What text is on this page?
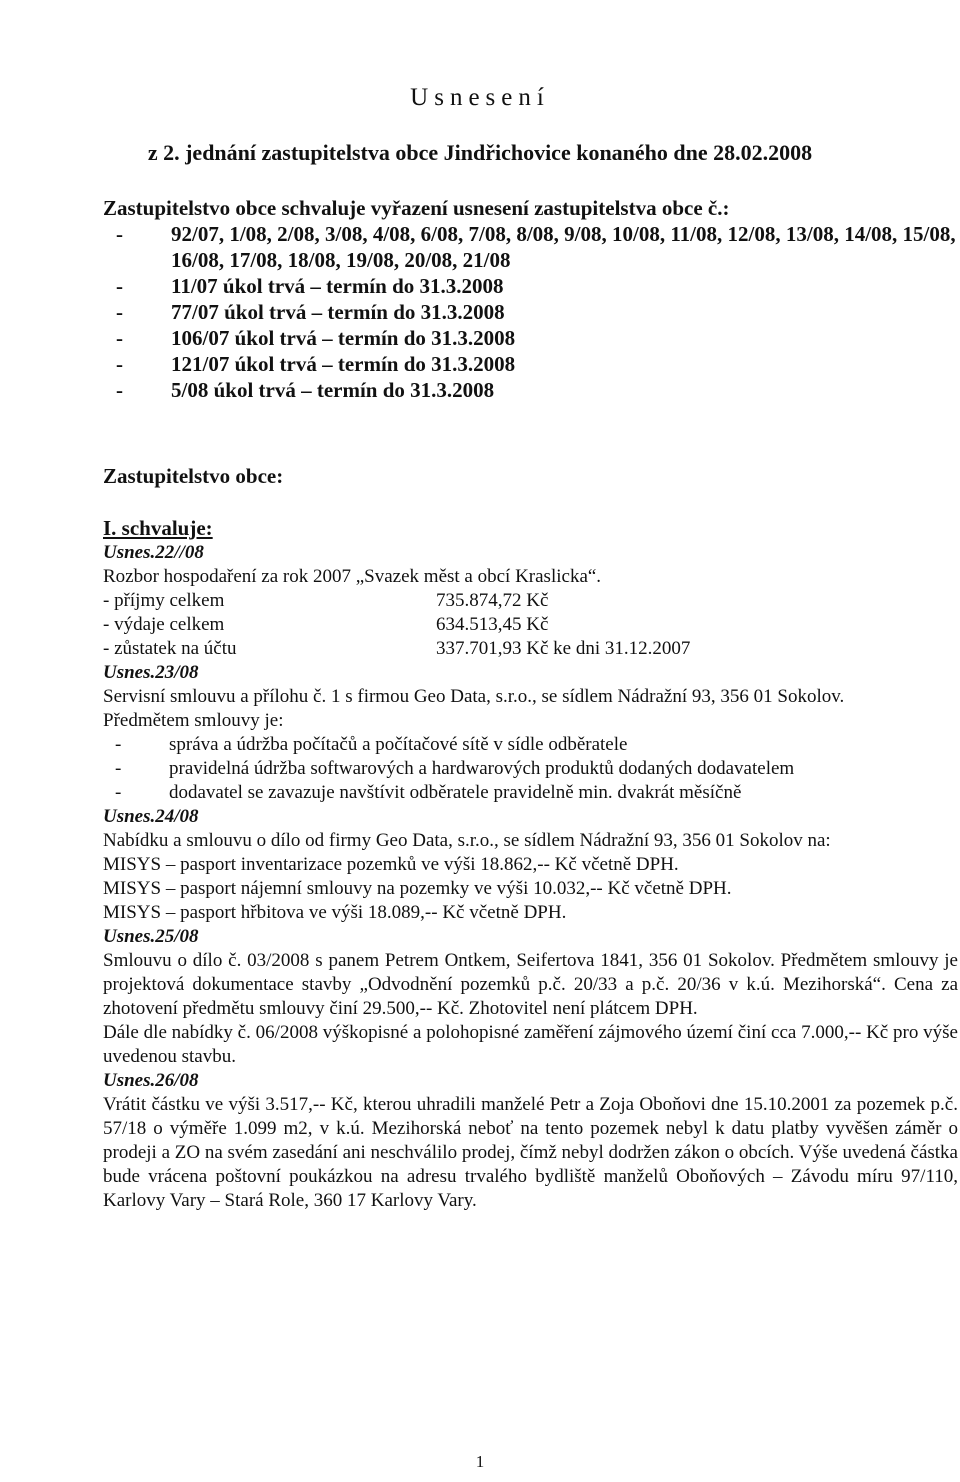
Usnesení
z 2. jednání zastupitelstva obce Jindřichovice konaného dne 28.02.2008
Zastupitelstvo obce schvaluje vyřazení usnesení zastupitelstva obce č.:
- 92/07, 1/08, 2/08, 3/08, 4/08, 6/08, 7/08, 8/08, 9/08, 10/08, 11/08, 12/08, 13/08, 14/08, 15/08, 16/08, 17/08, 18/08, 19/08, 20/08, 21/08
- 11/07 úkol trvá – termín do 31.3.2008
- 77/07 úkol trvá – termín do 31.3.2008
- 106/07 úkol trvá – termín do 31.3.2008
- 121/07 úkol trvá – termín do 31.3.2008
- 5/08 úkol trvá – termín do 31.3.2008
Zastupitelstvo obce:
I. schvaluje:
Usnes.22//08
Rozbor hospodaření za rok 2007 „Svazek měst a obcí Kraslicka“.
- příjmy celkem	735.874,72 Kč
- výdaje celkem	634.513,45 Kč
- zůstatek na účtu	337.701,93 Kč ke dni 31.12.2007
Usnes.23/08
Servisní smlouvu a přílohu č. 1 s firmou Geo Data, s.r.o., se sídlem Nádražní 93, 356 01 Sokolov.
Předmětem smlouvy je:
- správa a údržba počítačů a počítačové sítě v sídle odběratele
- pravidelná údržba softwarových a hardwarových produktů dodaných dodavatelem
- dodavatel se zavazuje navštívit odběratele pravidelně min. dvakrát měsíčně
Usnes.24/08
Nabídku a smlouvu o dílo od firmy Geo Data, s.r.o., se sídlem Nádražní 93, 356 01 Sokolov na:
MISYS – pasport inventarizace pozemků ve výši 18.862,-- Kč včetně DPH.
MISYS – pasport nájemní smlouvy na pozemky ve výši 10.032,-- Kč včetně DPH.
MISYS – pasport hřbitova ve výši 18.089,-- Kč včetně DPH.
Usnes.25/08
Smlouvu o dílo č. 03/2008 s panem Petrem Ontkem, Seifertova 1841, 356 01 Sokolov. Předmětem smlouvy je projektová dokumentace stavby „Odvodnění pozemků p.č. 20/33 a p.č. 20/36 v k.ú. Mezihorská“. Cena za zhotovení předmětu smlouvy činí 29.500,-- Kč. Zhotovitel není plátcem DPH.
Dále dle nabídky č. 06/2008 výškopisné a polohopisné zaměření zájmového území činí cca 7.000,-- Kč pro výše uvedenou stavbu.
Usnes.26/08
Vrátit částku ve výši 3.517,-- Kč, kterou uhradili manželé Petr a Zoja Oboňovi dne 15.10.2001 za pozemek p.č. 57/18 o výměře 1.099 m2, v k.ú. Mezihorská neboť na tento pozemek nebyl k datu platby vyvěšen záměr o prodeji a ZO na svém zasedání ani neschválilo prodej, čímž nebyl dodržen zákon o obcích. Výše uvedená částka bude vrácena poštovní poukázkou na adresu trvalého bydliště manželů Oboňových – Závodu míru 97/110, Karlovy Vary – Stará Role, 360 17 Karlovy Vary.
1
